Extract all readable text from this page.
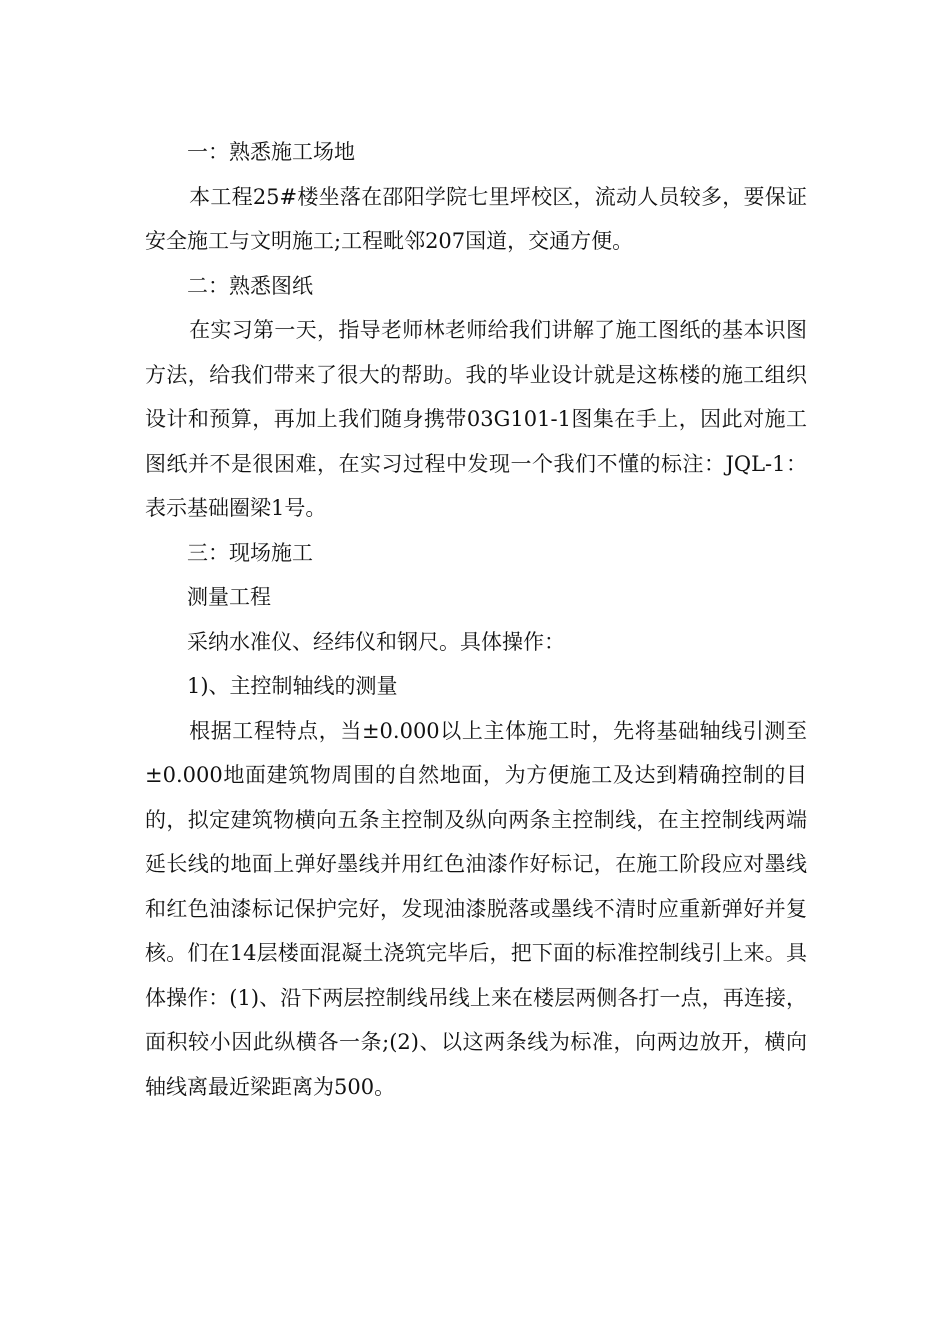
一：熟悉施工场地

本工程25#楼坐落在邵阳学院七里坪校区，流动人员较多，要保证安全施工与文明施工;工程毗邻207国道，交通方便。

二：熟悉图纸

在实习第一天，指导老师林老师给我们讲解了施工图纸的基本识图方法，给我们带来了很大的帮助。我的毕业设计就是这栋楼的施工组织设计和预算，再加上我们随身携带03G101-1图集在手上，因此对施工图纸并不是很困难，在实习过程中发现一个我们不懂的标注：JQL-1：表示基础圈梁1号。

三：现场施工

测量工程

采纳水准仪、经纬仪和钢尺。具体操作：

1)、主控制轴线的测量

根据工程特点，当±0.000以上主体施工时，先将基础轴线引测至±0.000地面建筑物周围的自然地面，为方便施工及达到精确控制的目的，拟定建筑物横向五条主控制及纵向两条主控制线，在主控制线两端延长线的地面上弹好墨线并用红色油漆作好标记，在施工阶段应对墨线和红色油漆标记保护完好，发现油漆脱落或墨线不清时应重新弹好并复核。们在14层楼面混凝土浇筑完毕后，把下面的标准控制线引上来。具体操作：(1)、沿下两层控制线吊线上来在楼层两侧各打一点，再连接，面积较小因此纵横各一条;(2)、以这两条线为标准，向两边放开，横向轴线离最近梁距离为500。
